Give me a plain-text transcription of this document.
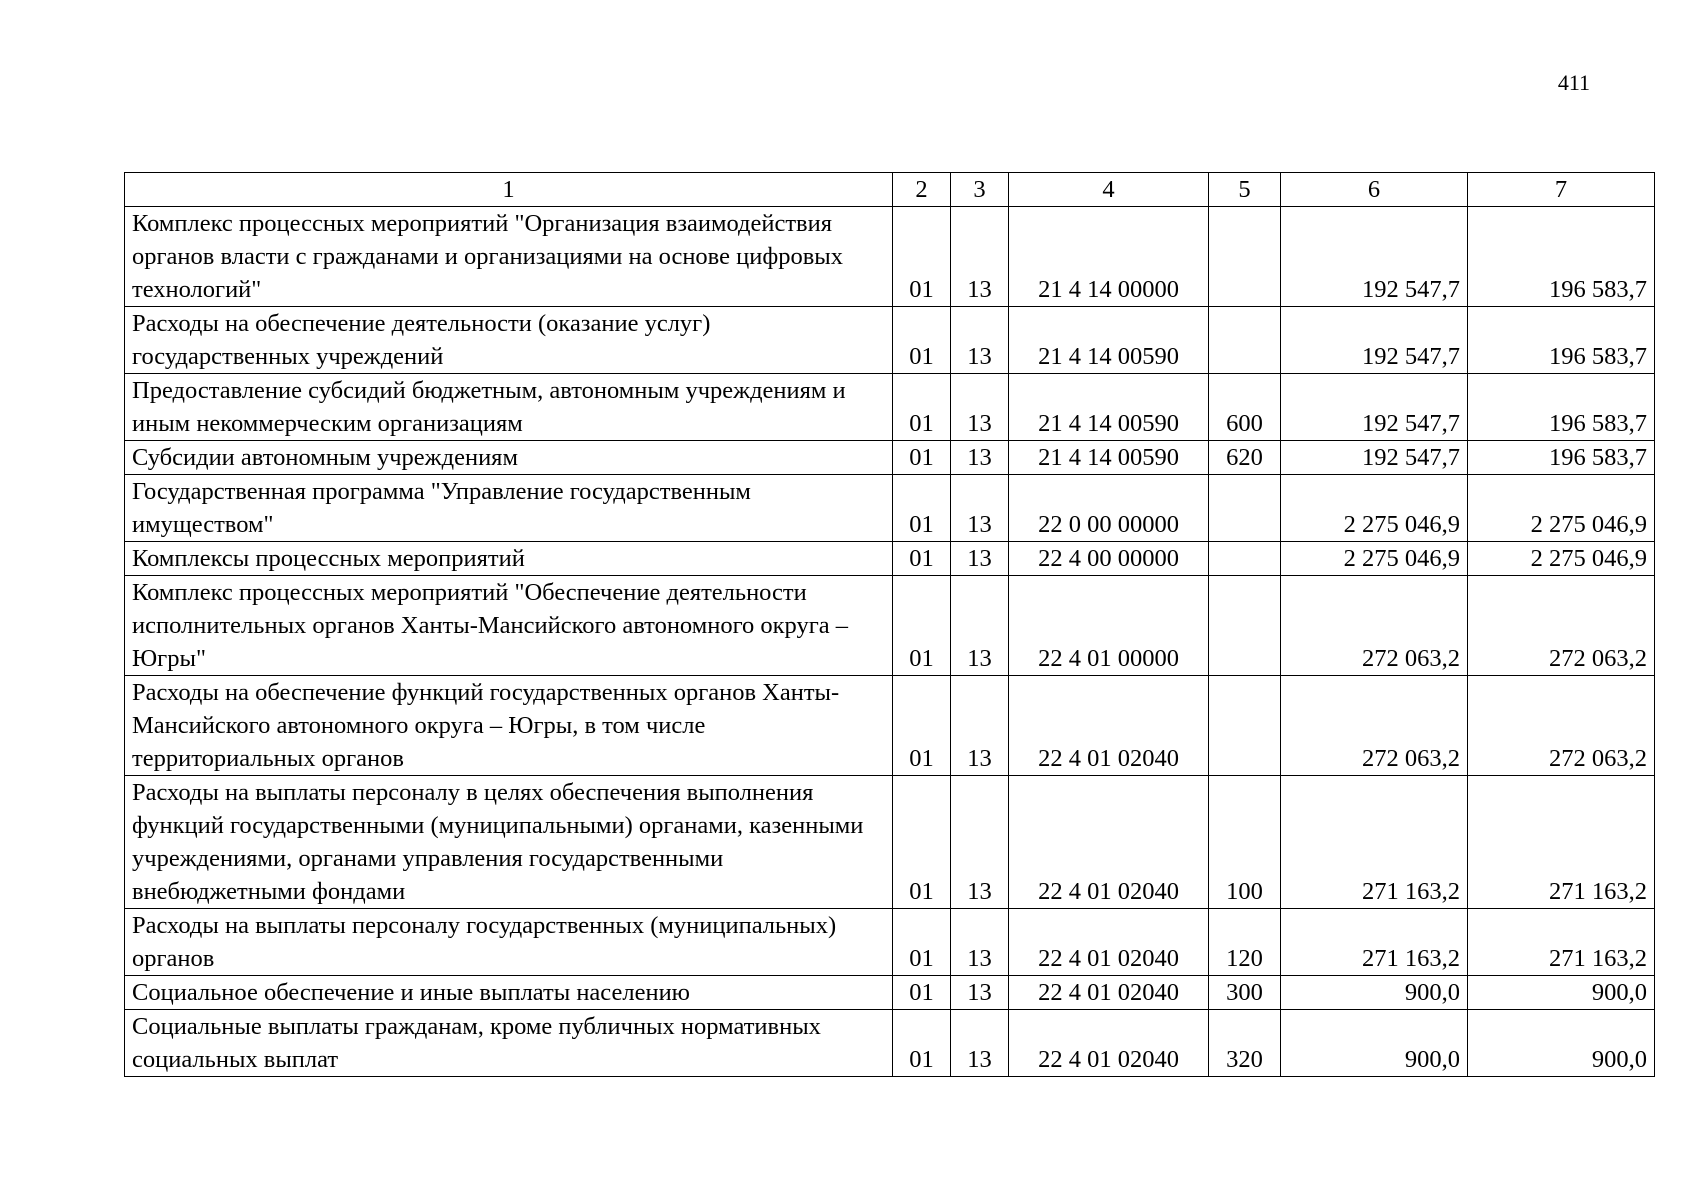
411
1	2	3	4	5	6	7
Комплекс процессных мероприятий "Организация взаимодействия органов власти с гражданами и организациями на основе цифровых технологий"	01	13	21 4 14 00000		192 547,7	196 583,7
Расходы на обеспечение деятельности (оказание услуг) государственных учреждений	01	13	21 4 14 00590		192 547,7	196 583,7
Предоставление субсидий бюджетным, автономным учреждениям и иным некоммерческим организациям	01	13	21 4 14 00590	600	192 547,7	196 583,7
Субсидии автономным учреждениям	01	13	21 4 14 00590	620	192 547,7	196 583,7
Государственная программа "Управление государственным имуществом"	01	13	22 0 00 00000		2 275 046,9	2 275 046,9
Комплексы процессных мероприятий	01	13	22 4 00 00000		2 275 046,9	2 275 046,9
Комплекс процессных мероприятий "Обеспечение деятельности исполнительных органов Ханты-Мансийского автономного округа – Югры"	01	13	22 4 01 00000		272 063,2	272 063,2
Расходы на обеспечение функций государственных органов Ханты-Мансийского автономного округа – Югры, в том числе территориальных органов	01	13	22 4 01 02040		272 063,2	272 063,2
Расходы на выплаты персоналу в целях обеспечения выполнения функций государственными (муниципальными) органами, казенными учреждениями, органами управления государственными внебюджетными фондами	01	13	22 4 01 02040	100	271 163,2	271 163,2
Расходы на выплаты персоналу государственных (муниципальных) органов	01	13	22 4 01 02040	120	271 163,2	271 163,2
Социальное обеспечение и иные выплаты населению	01	13	22 4 01 02040	300	900,0	900,0
Социальные выплаты гражданам, кроме публичных нормативных социальных выплат	01	13	22 4 01 02040	320	900,0	900,0
